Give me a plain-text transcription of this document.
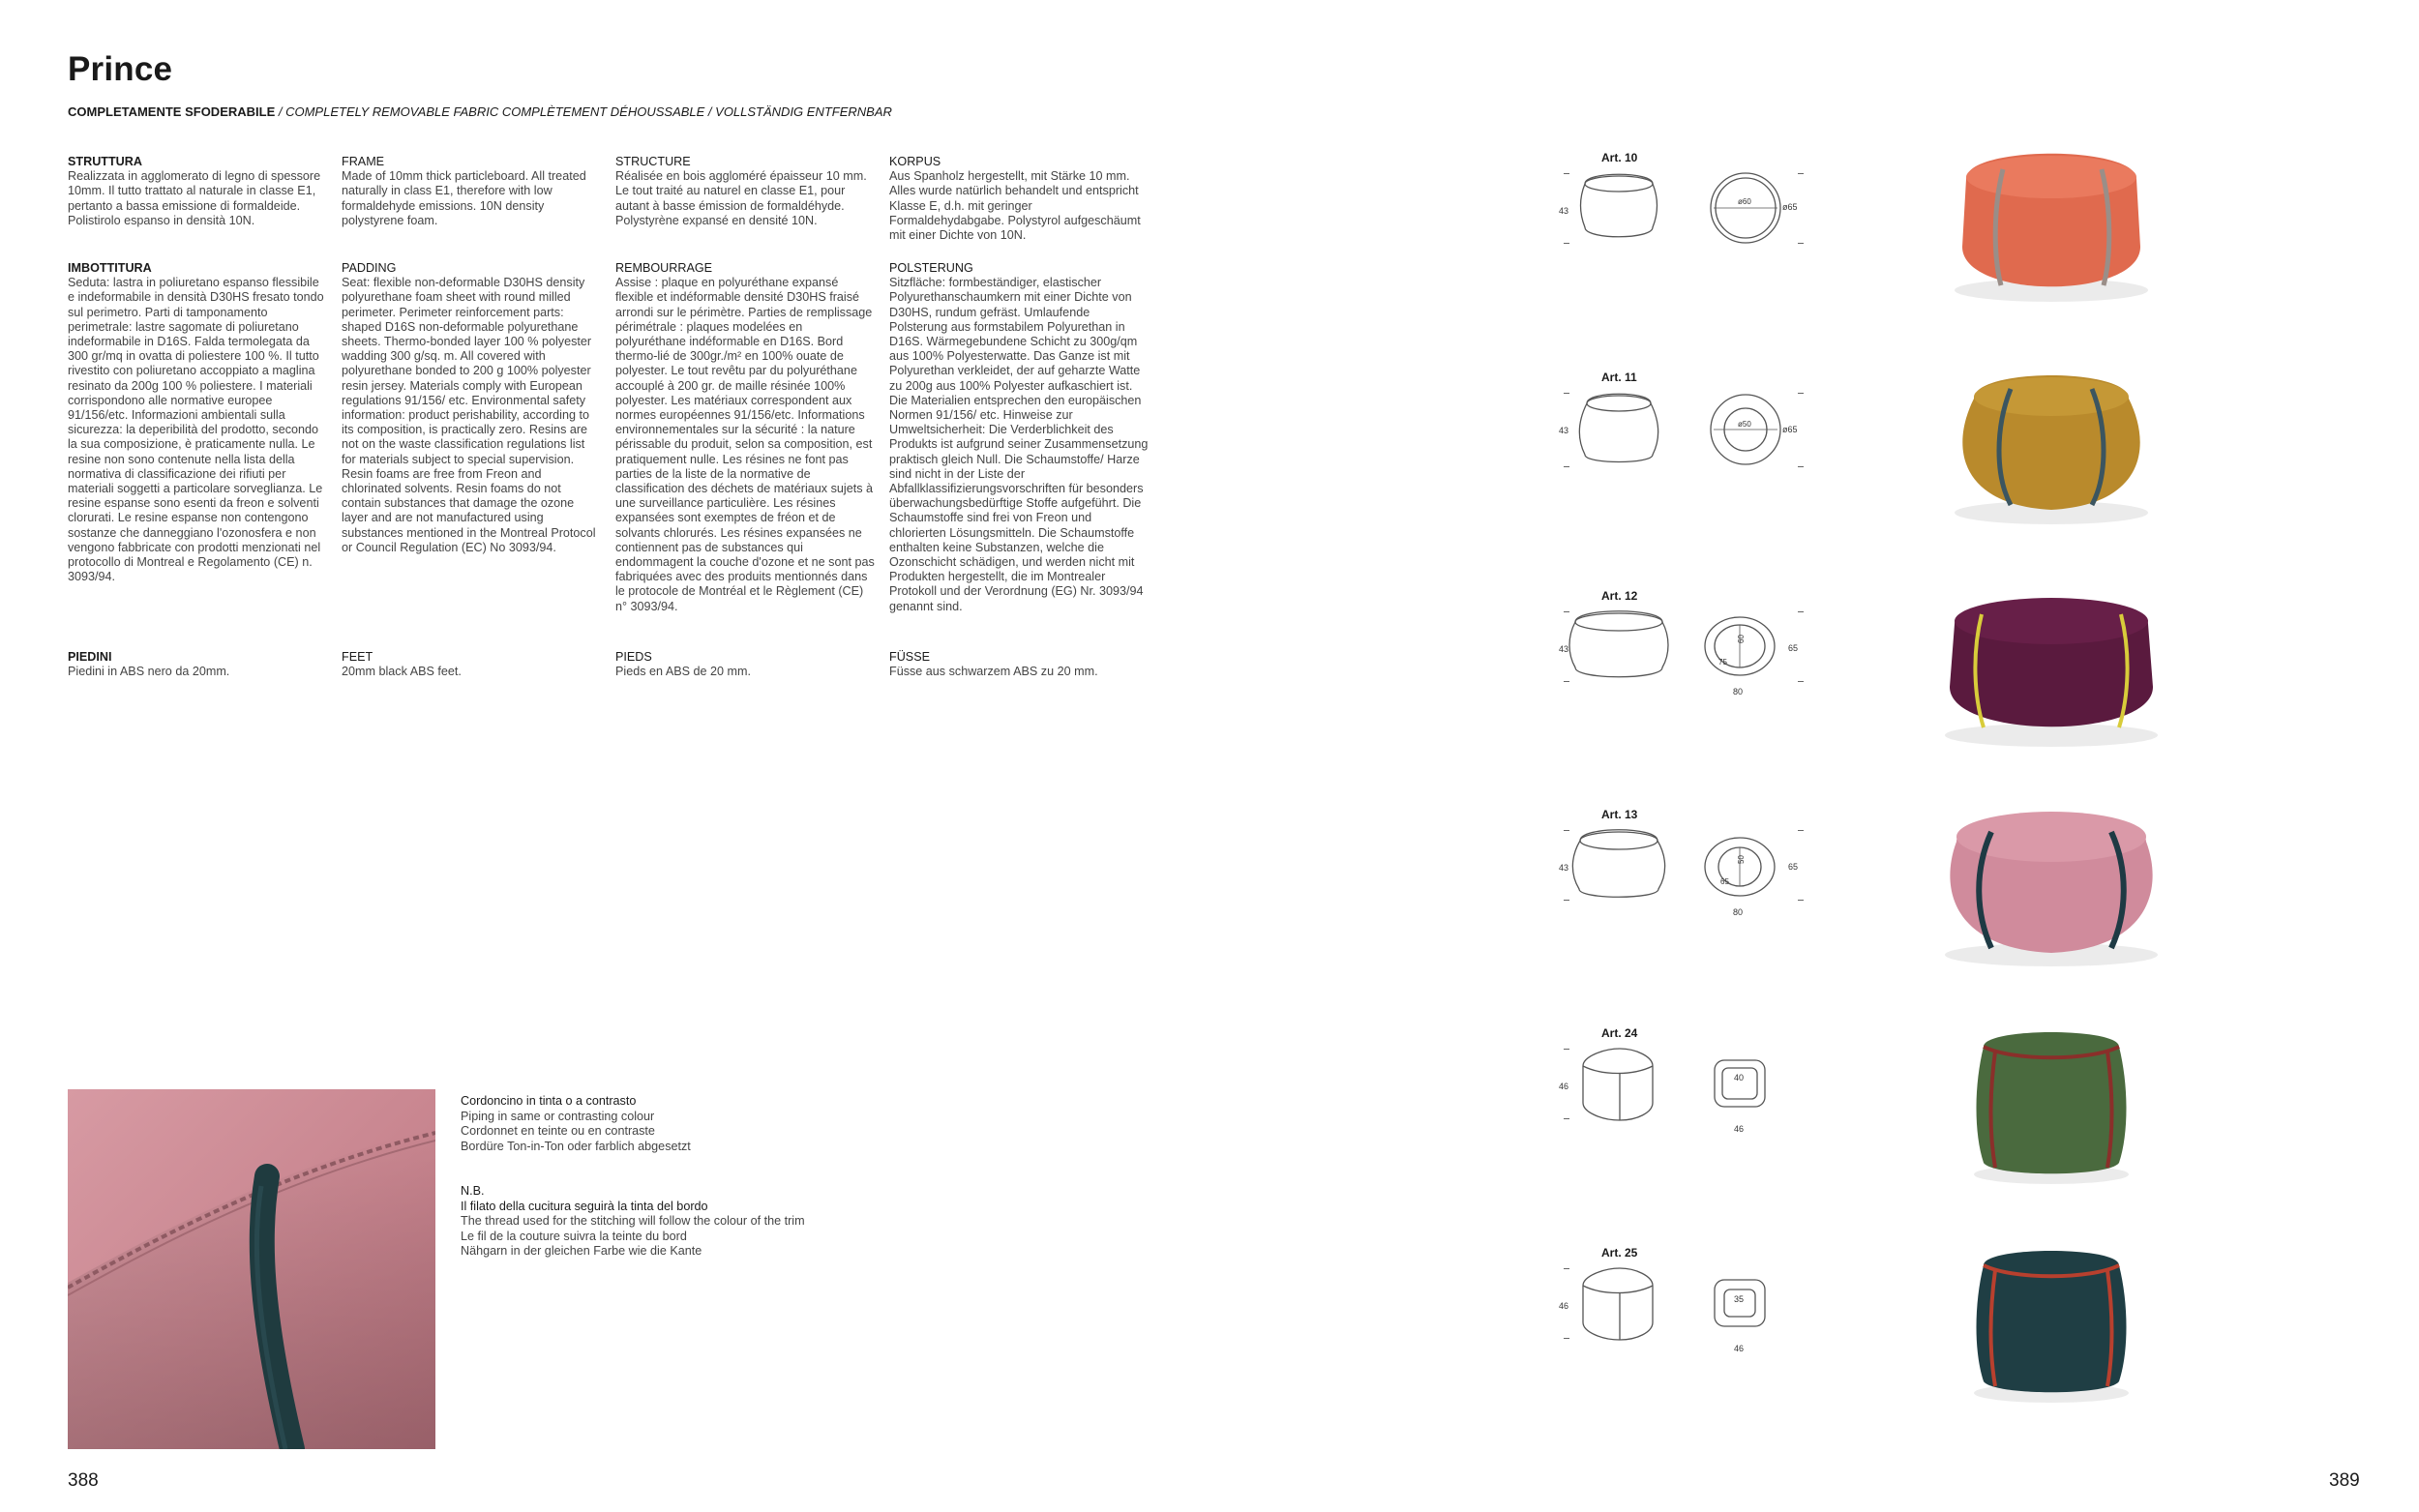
Prince
COMPLETAMENTE SFODERABILE / COMPLETELY REMOVABLE FABRIC COMPLÈTEMENT DÉHOUSSABLE / VOLLSTÄNDIG ENTFERNBAR
STRUTTURA
Realizzata in agglomerato di legno di spessore 10mm. Il tutto trattato al naturale in classe E1, pertanto a bassa emissione di formaldeide. Polistirolo espanso in densità 10N.
IMBOTTITURA
Seduta: lastra in poliuretano espanso flessibile e indeformabile in densità D30HS fresato tondo sul perimetro. Parti di tamponamento perimetrale: lastre sagomate di poliuretano indeformabile in D16S. Falda termolegata da 300 gr/mq in ovatta di poliestere 100 %. Il tutto rivestito con poliuretano accoppiato a maglina resinato da 200g 100 % poliestere. I materiali corrispondono alle normative europee 91/156/etc. Informazioni ambientali sulla sicurezza: la deperibilità del prodotto, secondo la sua composizione, è praticamente nulla. Le resine non sono contenute nella lista della normativa di classificazione dei rifiuti per materiali soggetti a particolare sorveglianza. Le resine espanse sono esenti da freon e solventi clorurati. Le resine espanse non contengono sostanze che danneggiano l'ozonosfera e non vengono fabbricate con prodotti menzionati nel protocollo di Montreal e Regolamento (CE) n. 3093/94.
PIEDINI
Piedini in ABS nero da 20mm.
FRAME
Made of 10mm thick particleboard. All treated naturally in class E1, therefore with low formaldehyde emissions. 10N density polystyrene foam.
PADDING
Seat: flexible non-deformable D30HS density polyurethane foam sheet with round milled perimeter. Perimeter reinforcement parts: shaped D16S non-deformable polyurethane sheets. Thermo-bonded layer 100 % polyester wadding 300 g/sq. m. All covered with polyurethane bonded to 200 g 100% polyester resin jersey. Materials comply with European regulations 91/156/ etc. Environmental safety information: product perishability, according to its composition, is practically zero. Resins are not on the waste classification regulations list for materials subject to special supervision. Resin foams are free from Freon and chlorinated solvents. Resin foams do not contain substances that damage the ozone layer and are not manufactured using substances mentioned in the Montreal Protocol or Council Regulation (EC) No 3093/94.
FEET
20mm black ABS feet.
STRUCTURE
Réalisée en bois aggloméré épaisseur 10 mm. Le tout traité au naturel en classe E1, pour autant à basse émission de formaldéhyde. Polystyrène expansé en densité 10N.
REMBOURRAGE
Assise : plaque en polyuréthane expansé flexible et indéformable densité D30HS fraisé arrondi sur le périmètre. Parties de remplissage périmétrale : plaques modelées en polyuréthane indéformable en D16S. Bord thermo-lié de 300gr./m² en 100% ouate de polyester. Le tout revêtu par du polyuréthane accouplé à 200 gr. de maille résinée 100% polyester. Les matériaux correspondent aux normes européennes 91/156/etc. Informations environnementales sur la sécurité : la nature périssable du produit, selon sa composition, est pratiquement nulle. Les résines ne font pas parties de la liste de la normative de classification des déchets de matériaux sujets à une surveillance particulière. Les résines expansées sont exemptes de fréon et de solvants chlorurés. Les résines expansées ne contiennent pas de substances qui endommagent la couche d'ozone et ne sont pas fabriquées avec des produits mentionnés dans le protocole de Montréal et le Règlement (CE) n° 3093/94.
PIEDS
Pieds en ABS de 20 mm.
KORPUS
Aus Spanholz hergestellt, mit Stärke 10 mm. Alles wurde natürlich behandelt und entspricht Klasse E, d.h. mit geringer Formaldehydabgabe. Polystyrol aufgeschäumt mit einer Dichte von 10N.
POLSTERUNG
Sitzfläche: formbeständiger, elastischer Polyurethanschaumkern mit einer Dichte von D30HS, rundum gefräst. Umlaufende Polsterung aus formstabilem Polyurethan in D16S. Wärmegebundene Schicht zu 300g/qm aus 100% Polyesterwatte. Das Ganze ist mit Polyurethan verkleidet, der auf geharzte Watte zu 200g aus 100% Polyester aufkaschiert ist. Die Materialien entsprechen den europäischen Normen 91/156/ etc. Hinweise zur Umweltsicherheit: Die Verderblichkeit des Produkts ist aufgrund seiner Zusammensetzung praktisch gleich Null. Die Schaumstoffe/ Harze sind nicht in der Liste der Abfallklassifizierungsvorschriften für besonders überwachungsbedürftige Stoffe aufgeführt. Die Schaumstoffe sind frei von Freon und chlorierten Lösungsmitteln. Die Schaumstoffe enthalten keine Substanzen, welche die Ozonschicht schädigen, und werden nicht mit Produkten hergestellt, die im Montrealer Protokoll und der Verordnung (EG) Nr. 3093/94 genannt sind.
FÜSSE
Füsse aus schwarzem ABS zu 20 mm.
Cordoncino in tinta o a contrasto
Piping in same or contrasting colour
Cordonnet en teinte ou en contraste
Bordüre Ton-in-Ton oder farblich abgesetzt
N.B.
Il filato della cucitura seguirà la tinta del bordo
The thread used for the stitching will follow the colour of the trim
Le fil de la couture suivra la teinte du bord
Nähgarn in der gleichen Farbe wie die Kante
388	389
Art. 10
43
ø60
ø65
Art. 11
43
ø50
ø65
Art. 12
43
60
75
65
80
Art. 13
43
50
65
65
80
Art. 24
46
40
46
Art. 25
46
35
46
